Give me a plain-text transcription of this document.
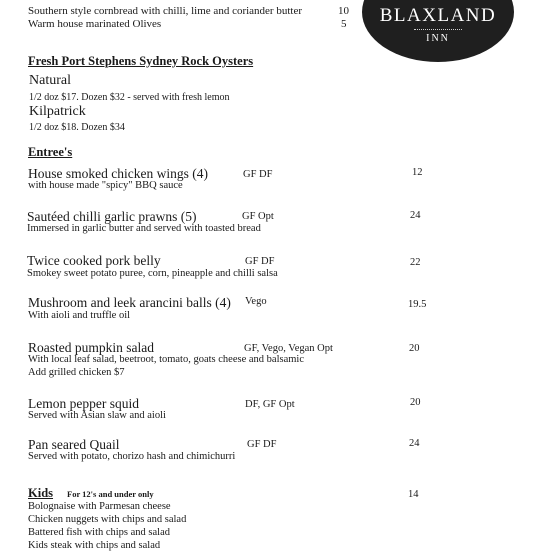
Southern style cornbread with chilli, lime and coriander butter	10
Warm house marinated Olives	5	BLAXLAND
INN
Fresh Port Stephens Sydney Rock Oysters
Natural
1/2 doz $17. Dozen $32 - served with fresh lemon
Kilpatrick
1/2 doz $18. Dozen $34
Entree's
House smoked chicken wings (4)	GF DF	12
with house made "spicy" BBQ sauce
Sautéed chilli garlic prawns (5)	GF Opt	24
Immersed in garlic butter and served with toasted bread
Twice cooked pork belly	GF DF	22
Smokey sweet potato puree, corn, pineapple and chilli salsa
Mushroom and leek arancini balls (4) Vego	19.5
With aioli and truffle oil
Roasted pumpkin salad	GF, Vego, Vegan Opt	20
With local leaf salad, beetroot, tomato, goats cheese and balsamic
Add grilled chicken $7
Lemon pepper squid	DF, GF Opt	20
Served with Asian slaw and aioli
Pan seared Quail	GF DF	24
Served with potato, chorizo hash and chimichurri
Kids For 12's and under only	14
Bolognaise with Parmesan cheese
Chicken nuggets with chips and salad
Battered fish with chips and salad
Kids steak with chips and salad
